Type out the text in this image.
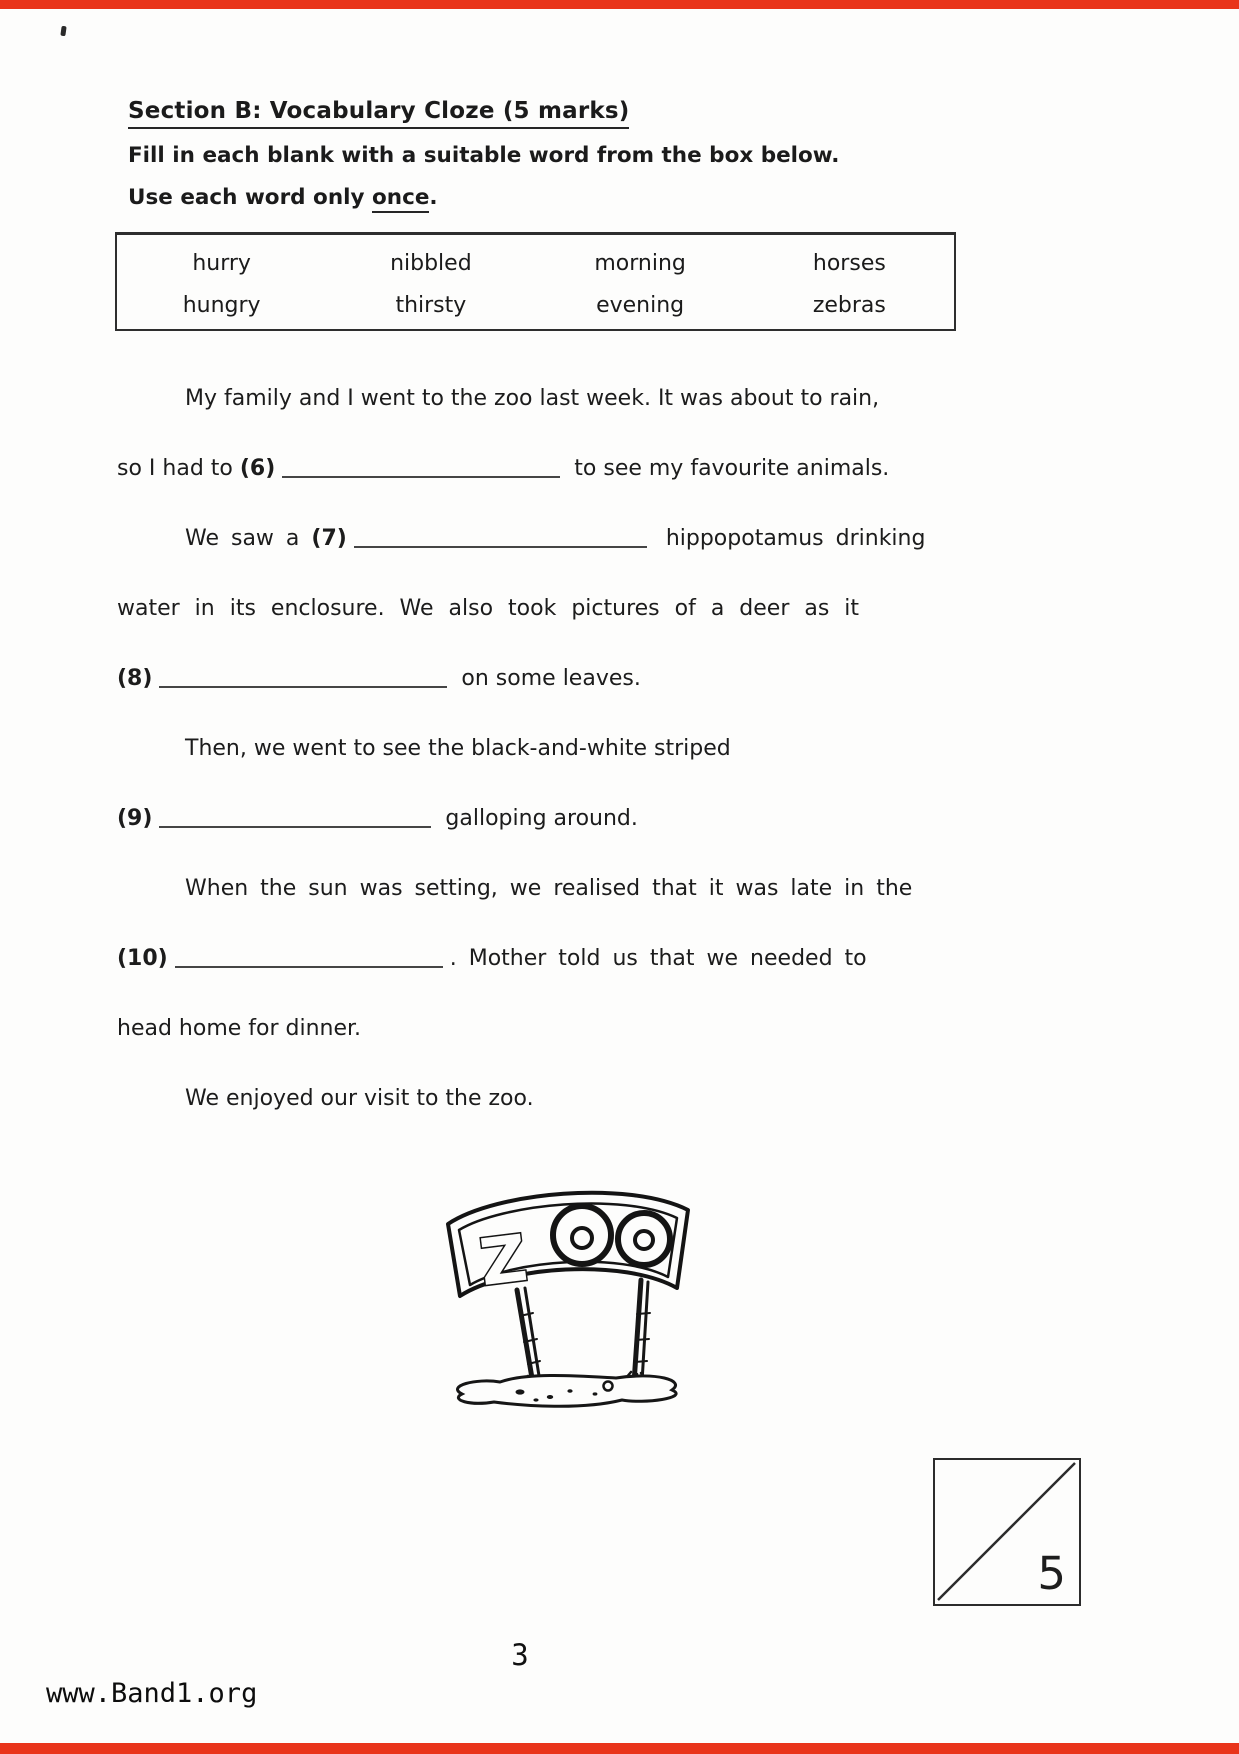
Section B: Vocabulary Cloze (5 marks)
Fill in each blank with a suitable word from the box below.
Use each word only once.
hurry	nibbled	morning	horses
hungry	thirsty	evening	zebras
My family and I went to the zoo last week. It was about to rain,
so I had to (6)	to see my favourite animals.
We saw a (7)	hippopotamus drinking
water in its enclosure. We also took pictures of a deer as it
(8)	on some leaves.
Then, we went to see the black-and-white striped
(9)	galloping around.
When the sun was setting, we realised that it was late in the
(10)	. Mother told us that we needed to
head home for dinner.
We enjoyed our visit to the zoo.
Z
5
3
www.Band1.org
